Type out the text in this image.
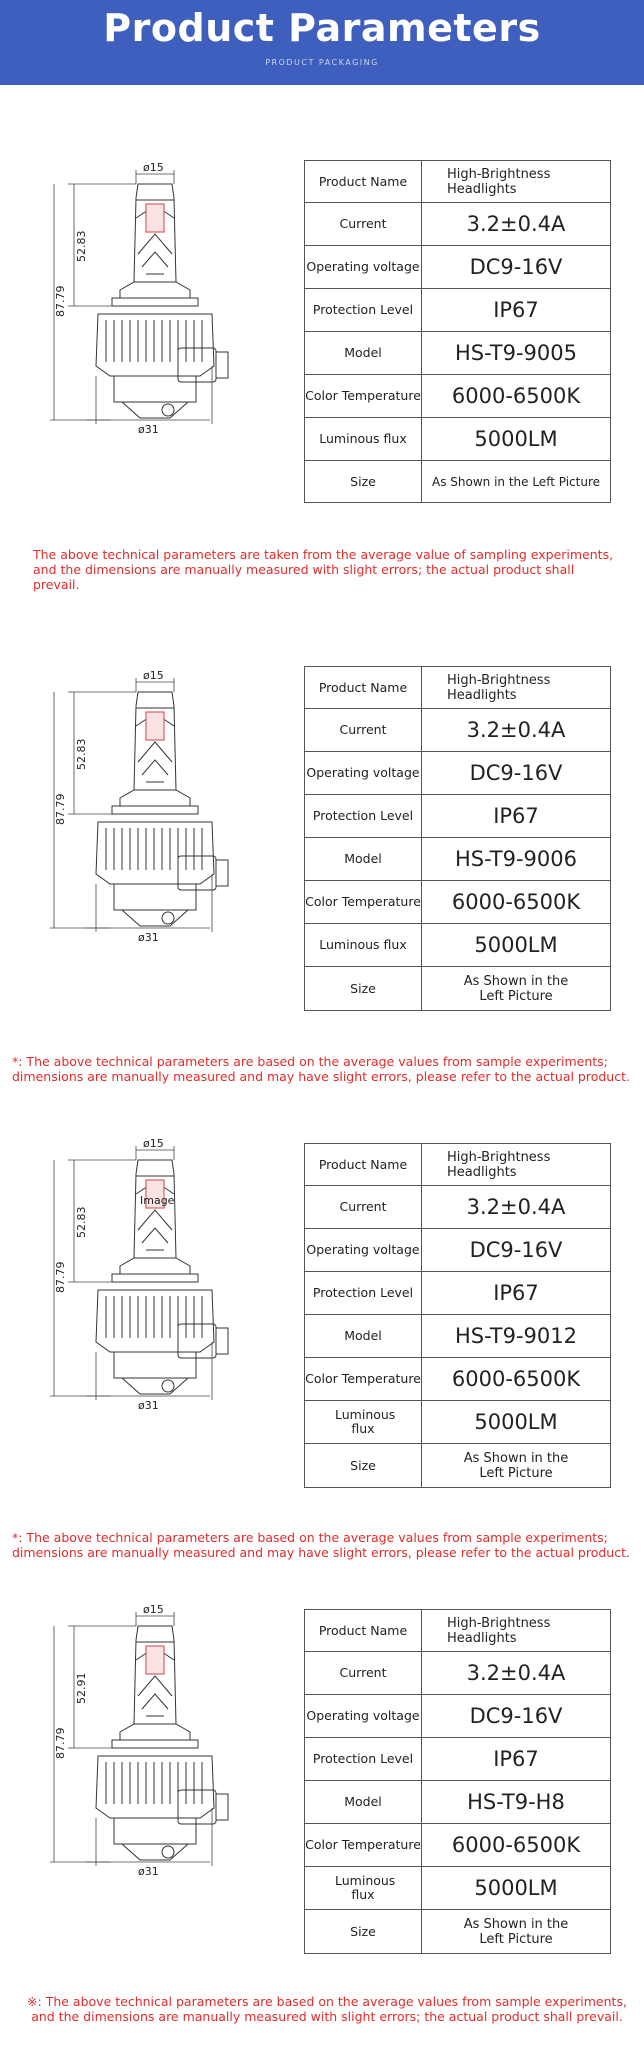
Product Parameters
PRODUCT PACKAGING
ø15
ø31
52.83
87.79
Product Name	High-Brightness Headlights
Current	3.2±0.4A
Operating voltage	DC9-16V
Protection Level	IP67
Model	HS-T9-9005
Color Temperature	6000-6500K
Luminous flux	5000LM
Size	As Shown in the Left Picture
The above technical parameters are taken from the average value of sampling experiments, and the dimensions are manually measured with slight errors; the actual product shall prevail.
ø15
ø31
52.83
87.79
Product Name	High-Brightness Headlights
Current	3.2±0.4A
Operating voltage	DC9-16V
Protection Level	IP67
Model	HS-T9-9006
Color Temperature	6000-6500K
Luminous flux	5000LM
Size	As Shown in the Left Picture
*: The above technical parameters are based on the average values from sample experiments; dimensions are manually measured and may have slight errors, please refer to the actual product.
ø15
ø31
52.83
87.79
Image
Product Name	High-Brightness Headlights
Current	3.2±0.4A
Operating voltage	DC9-16V
Protection Level	IP67
Model	HS-T9-9012
Color Temperature	6000-6500K
Luminous flux	5000LM
Size	As Shown in the Left Picture
*: The above technical parameters are based on the average values from sample experiments; dimensions are manually measured and may have slight errors, please refer to the actual product.
ø15
ø31
52.91
87.79
Product Name	High-Brightness Headlights
Current	3.2±0.4A
Operating voltage	DC9-16V
Protection Level	IP67
Model	HS-T9-H8
Color Temperature	6000-6500K
Luminous flux	5000LM
Size	As Shown in the Left Picture
※: The above technical parameters are based on the average values from sample experiments, and the dimensions are manually measured with slight errors; the actual product shall prevail.
